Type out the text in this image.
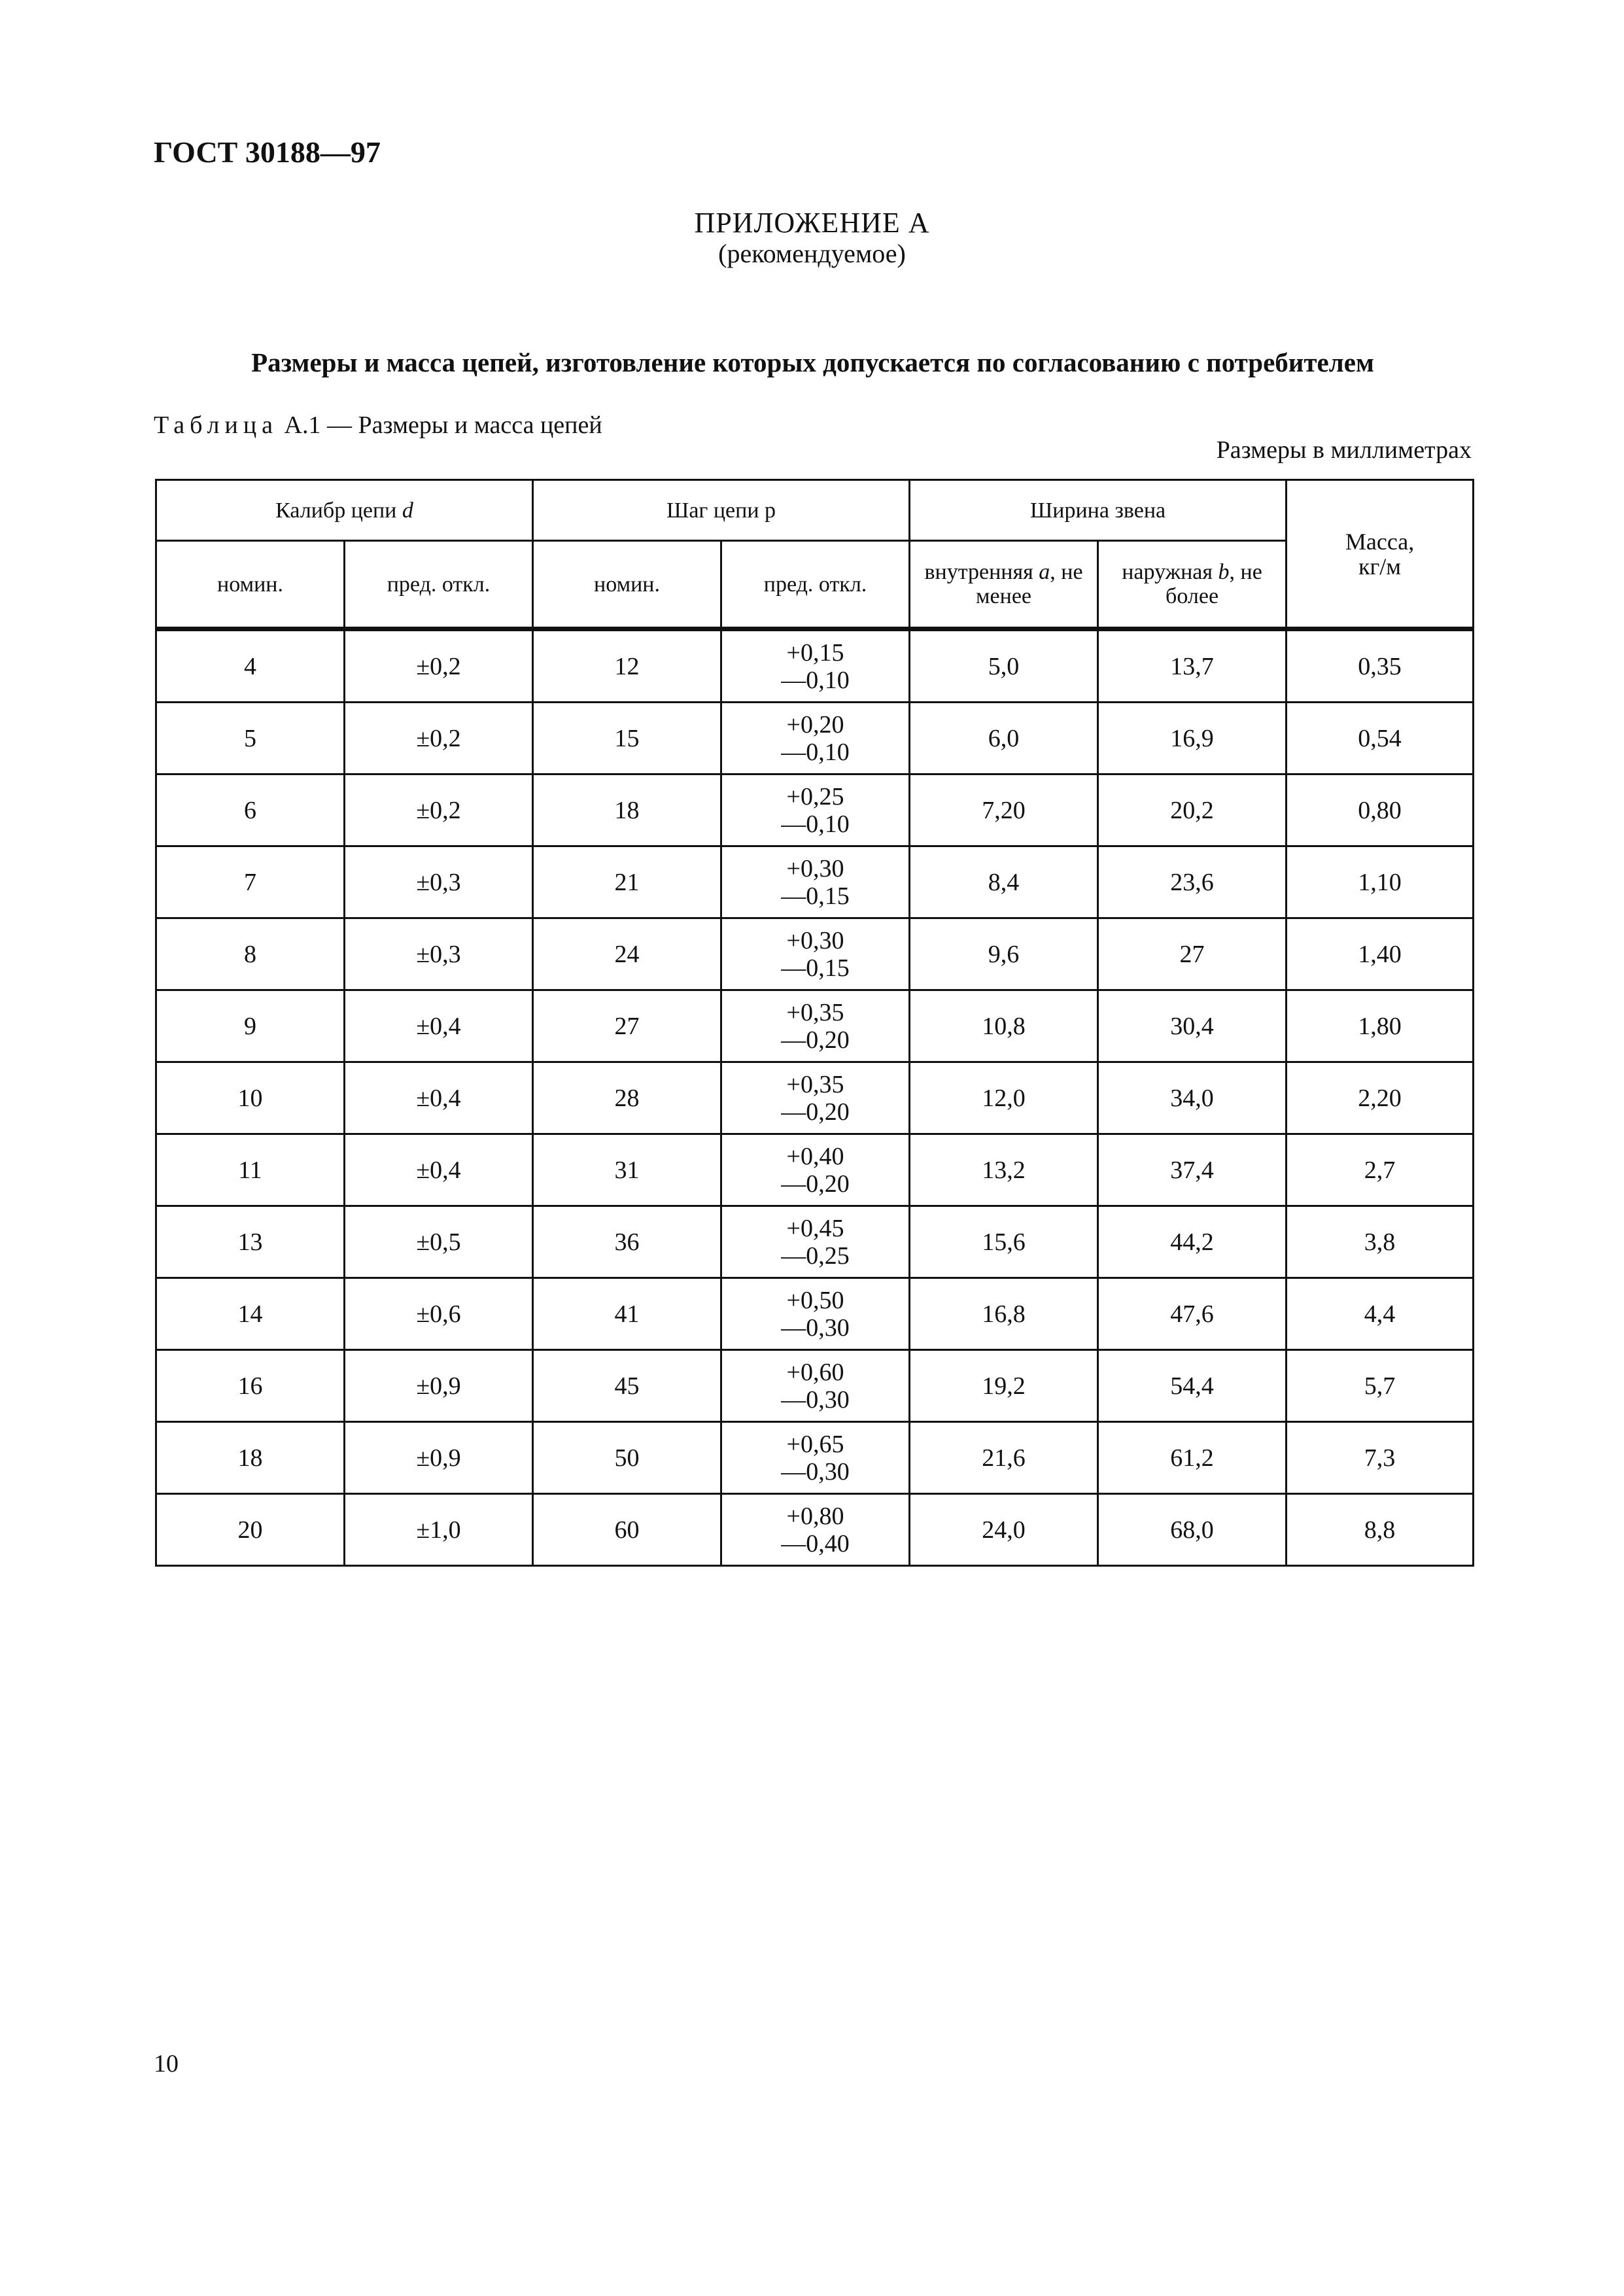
ГОСТ 30188—97
ПРИЛОЖЕНИЕ А
(рекомендуемое)
Размеры и масса цепей, изготовление которых допускается по согласованию с потребителем
Таблица А.1 — Размеры и масса цепей
Размеры в миллиметрах
Калибр цепи d		Шаг цепи р		Ширина звена		Масса,
кг/м
номин.	пред. откл.	номин.	пред. откл.	внутренняя a, не менее	наружная b, не более	
4	±0,2	12	+0,15
—0,10	5,0	13,7	0,35
5	±0,2	15	+0,20
—0,10	6,0	16,9	0,54
6	±0,2	18	+0,25
—0,10	7,20	20,2	0,80
7	±0,3	21	+0,30
—0,15	8,4	23,6	1,10
8	±0,3	24	+0,30
—0,15	9,6	27	1,40
9	±0,4	27	+0,35
—0,20	10,8	30,4	1,80
10	±0,4	28	+0,35
—0,20	12,0	34,0	2,20
11	±0,4	31	+0,40
—0,20	13,2	37,4	2,7
13	±0,5	36	+0,45
—0,25	15,6	44,2	3,8
14	±0,6	41	+0,50
—0,30	16,8	47,6	4,4
16	±0,9	45	+0,60
—0,30	19,2	54,4	5,7
18	±0,9	50	+0,65
—0,30	21,6	61,2	7,3
20	±1,0	60	+0,80
—0,40	24,0	68,0	8,8
10
